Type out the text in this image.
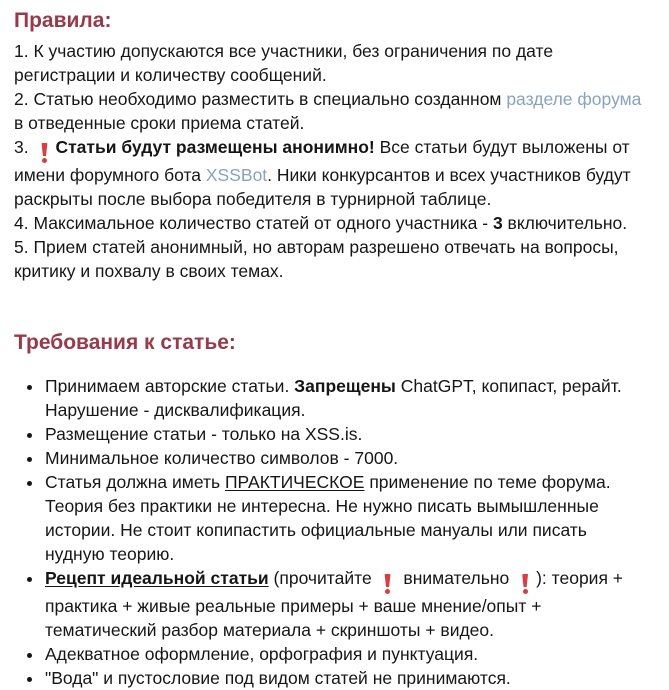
Правила:

1. К участию допускаются все участники, без ограничения по дате регистрации и количеству сообщений.

2. Статью необходимо разместить в специально созданном разделе форума в отведенные сроки приема статей.

3.
Статьи будут размещены анонимно! Все статьи будут выложены от имени форумного бота XSSBot. Ники конкурсантов и всех участников будут раскрыты после выбора победителя в турнирной таблице.

4. Максимальное количество статей от одного участника - 3 включительно.

5. Прием статей анонимный, но авторам разрешено отвечать на вопросы, критику и похвалу в своих темах.

Требования к статье:
• Принимаем авторские статьи. Запрещены ChatGPT, копипаст, рерайт. Нарушение - дисквалификация.
• Размещение статьи - только на XSS.is.
• Минимальное количество символов - 7000.
• Статья должна иметь ПРАКТИЧЕСКОЕ применение по теме форума. Теория без практики не интересна. Не нужно писать вымышленные истории. Не стоит копипастить официальные мануалы или писать нудную теорию.
• Рецепт идеальной статьи (прочитайте
внимательно
): теория + практика + живые реальные примеры + ваше мнение/опыт + тематический разбор материала + скриншоты + видео.
• Адекватное оформление, орфография и пунктуация.
• "Вода" и пустословие под видом статей не принимаются.
